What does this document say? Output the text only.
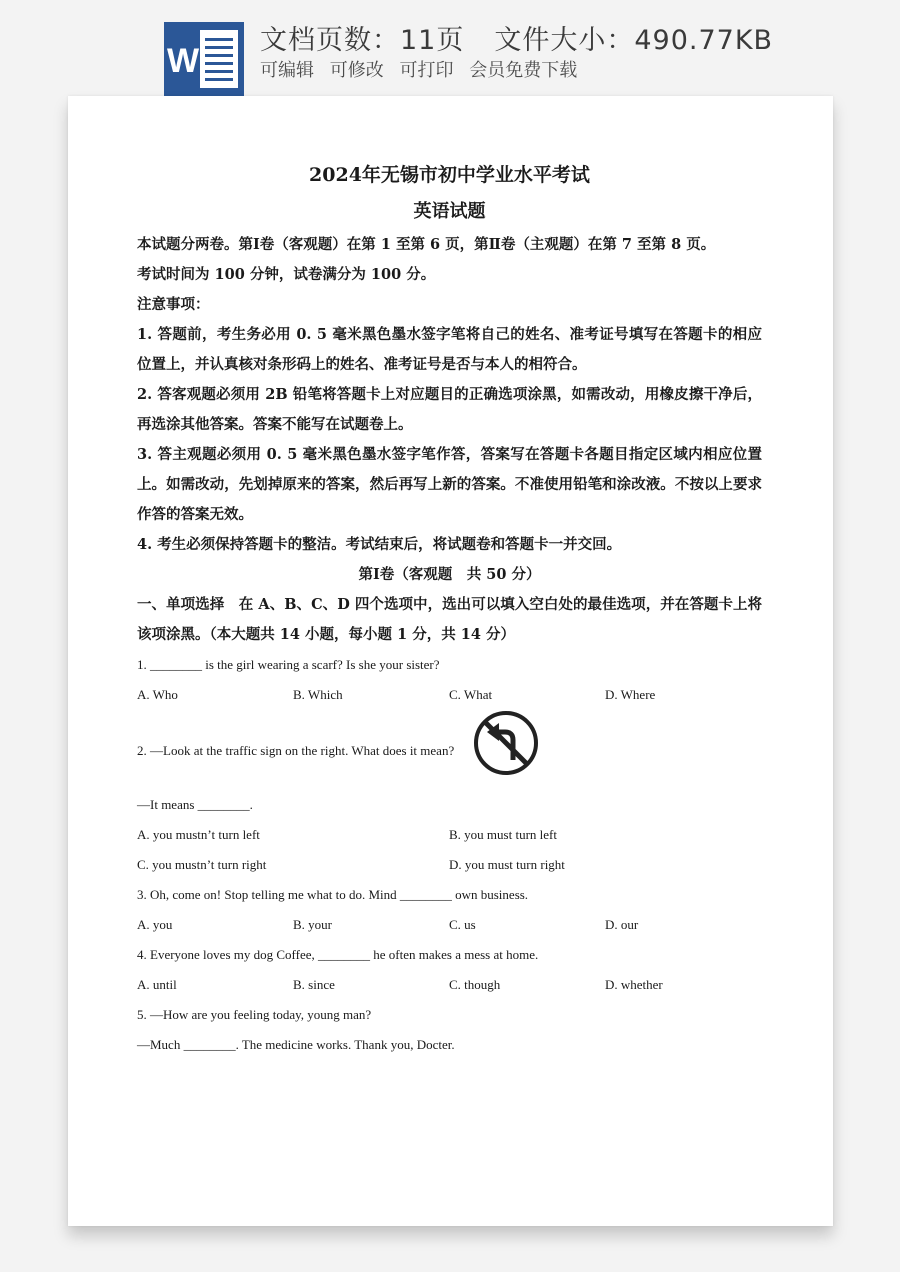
W
文档页数：11页 文件大小：490.77KB
可编辑 可修改 可打印 会员免费下载
2024年无锡市初中学业水平考试
英语试题

本试题分两卷。第Ⅰ卷（客观题）在第 1 至第 6 页，第Ⅱ卷（主观题）在第 7 至第 8 页。

考试时间为 100 分钟，试卷满分为 100 分。

注意事项：

1. 答题前，考生务必用 0. 5 毫米黑色墨水签字笔将自己的姓名、准考证号填写在答题卡的相应位置上，并认真核对条形码上的姓名、准考证号是否与本人的相符合。

2. 答客观题必须用 2B 铅笔将答题卡上对应题目的正确选项涂黑，如需改动，用橡皮擦干净后，再选涂其他答案。答案不能写在试题卷上。

3. 答主观题必须用 0. 5 毫米黑色墨水签字笔作答，答案写在答题卡各题目指定区域内相应位置上。如需改动，先划掉原来的答案，然后再写上新的答案。不准使用铅笔和涂改液。不按以上要求作答的答案无效。

4. 考生必须保持答题卡的整洁。考试结束后，将试题卷和答题卡一并交回。

第Ⅰ卷（客观题　共 50 分）

一、单项选择　在 A、B、C、D 四个选项中，选出可以填入空白处的最佳选项，并在答题卡上将该项涂黑。（本大题共 14 小题，每小题 1 分，共 14 分）

1. ________ is the girl wearing a scarf? Is she your sister?

A. Who	B. Which	C. What	D. Where

2. —Look at the traffic sign on the right. What does it mean?

—It means ________.

A. you mustn’t turn left	B. you must turn left
C. you mustn’t turn right	D. you must turn right

3. Oh, come on! Stop telling me what to do. Mind ________ own business.

A. you	B. your	C. us	D. our

4. Everyone loves my dog Coffee, ________ he often makes a mess at home.

A. until	B. since	C. though	D. whether

5. —How are you feeling today, young man?

—Much ________. The medicine works. Thank you, Docter.
